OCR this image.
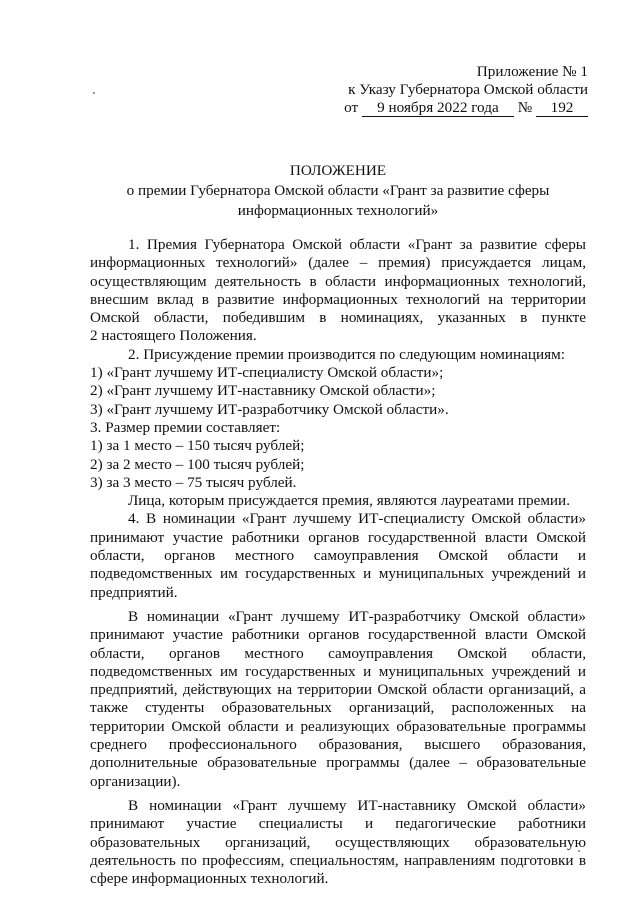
Приложение № 1
к Указу Губернатора Омской области
от 9 ноября 2022 года № 192
ПОЛОЖЕНИЕ
о премии Губернатора Омской области «Грант за развитие сферы
информационных технологий»
1. Премия Губернатора Омской области «Грант за развитие сферы
информационных технологий» (далее – премия) присуждается лицам,
осуществляющим деятельность в области информационных технологий,
внесшим вклад в развитие информационных технологий на территории
Омской области, победившим в номинациях, указанных в пункте
2 настоящего Положения.
2. Присуждение премии производится по следующим номинациям:
1) «Грант лучшему ИТ-специалисту Омской области»;
2) «Грант лучшему ИТ-наставнику Омской области»;
3) «Грант лучшему ИТ-разработчику Омской области».
3. Размер премии составляет:
1) за 1 место – 150 тысяч рублей;
2) за 2 место – 100 тысяч рублей;
3) за 3 место – 75 тысяч рублей.
Лица, которым присуждается премия, являются лауреатами премии.
4. В номинации «Грант лучшему ИТ-специалисту Омской области»
принимают участие работники органов государственной власти Омской
области, органов местного самоуправления Омской области и
подведомственных им государственных и муниципальных учреждений и
предприятий.
В номинации «Грант лучшему ИТ-разработчику Омской области»
принимают участие работники органов государственной власти Омской
области, органов местного самоуправления Омской области,
подведомственных им государственных и муниципальных учреждений и
предприятий, действующих на территории Омской области организаций, а
также студенты образовательных организаций, расположенных на
территории Омской области и реализующих образовательные программы
среднего профессионального образования, высшего образования,
дополнительные образовательные программы (далее – образовательные
организации).
В номинации «Грант лучшему ИТ-наставнику Омской области»
принимают участие специалисты и педагогические работники
образовательных организаций, осуществляющих образовательную
деятельность по профессиям, специальностям, направлениям подготовки в
сфере информационных технологий.
